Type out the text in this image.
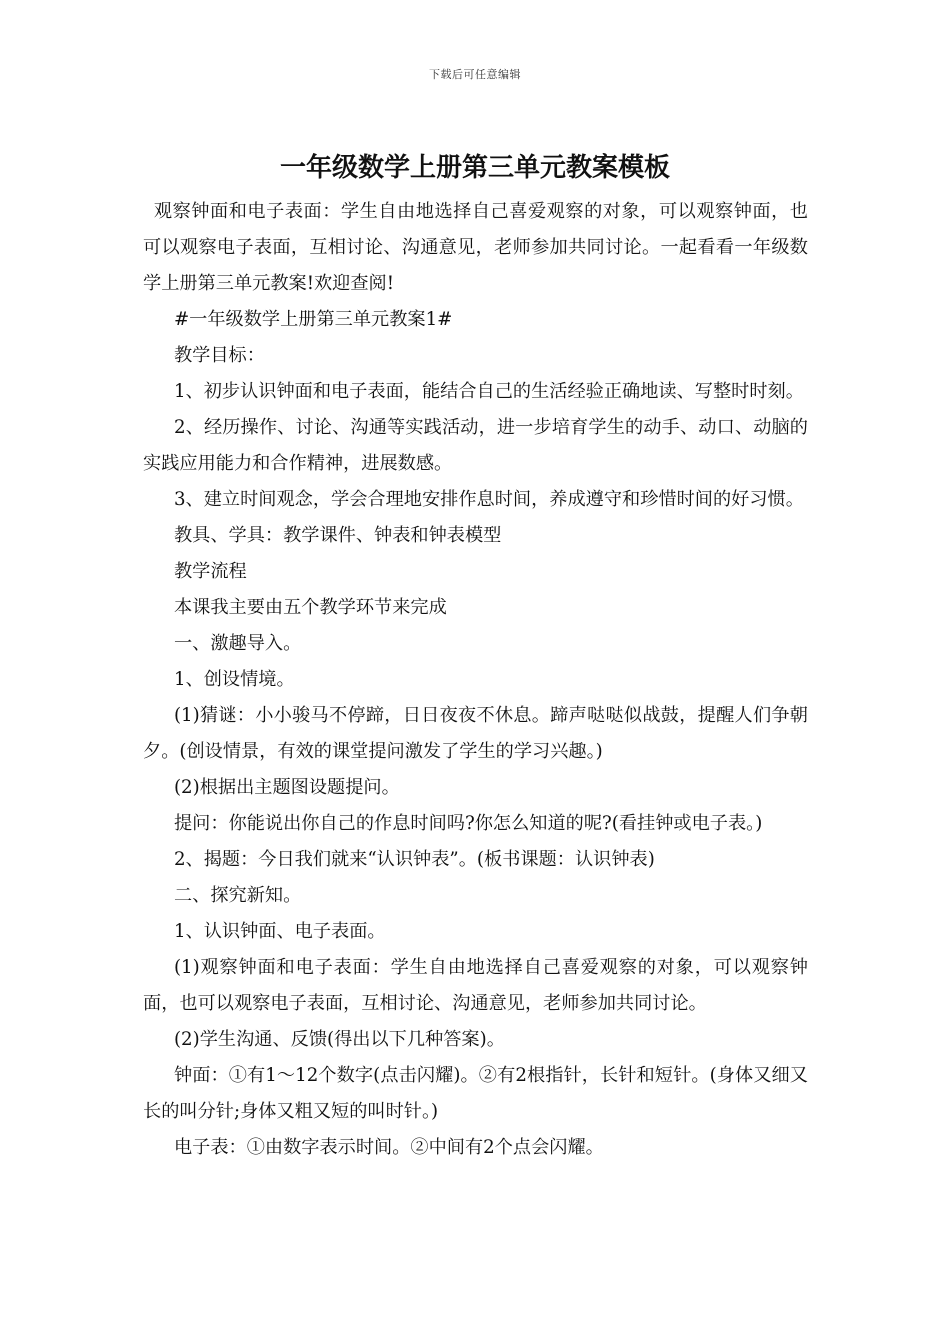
下载后可任意编辑
一年级数学上册第三单元教案模板

观察钟面和电子表面：学生自由地选择自己喜爱观察的对象，可以观察钟面，也可以观察电子表面，互相讨论、沟通意见，老师参加共同讨论。一起看看一年级数学上册第三单元教案!欢迎查阅!

#一年级数学上册第三单元教案1#

教学目标：

1、初步认识钟面和电子表面，能结合自己的生活经验正确地读、写整时时刻。

2、经历操作、讨论、沟通等实践活动，进一步培育学生的动手、动口、动脑的实践应用能力和合作精神，进展数感。

3、建立时间观念，学会合理地安排作息时间，养成遵守和珍惜时间的好习惯。

教具、学具：教学课件、钟表和钟表模型

教学流程

本课我主要由五个教学环节来完成

一、激趣导入。

1、创设情境。

(1)猜谜：小小骏马不停蹄，日日夜夜不休息。蹄声哒哒似战鼓，提醒人们争朝夕。(创设情景，有效的课堂提问激发了学生的学习兴趣。)

(2)根据出主题图设题提问。

提问：你能说出你自己的作息时间吗?你怎么知道的呢?(看挂钟或电子表。)

2、揭题：今日我们就来“认识钟表”。(板书课题：认识钟表)

二、探究新知。

1、认识钟面、电子表面。

(1)观察钟面和电子表面：学生自由地选择自己喜爱观察的对象，可以观察钟面，也可以观察电子表面，互相讨论、沟通意见，老师参加共同讨论。

(2)学生沟通、反馈(得出以下几种答案)。

钟面：①有1～12个数字(点击闪耀)。②有2根指针，长针和短针。(身体又细又长的叫分针;身体又粗又短的叫时针。)

电子表：①由数字表示时间。②中间有2个点会闪耀。
